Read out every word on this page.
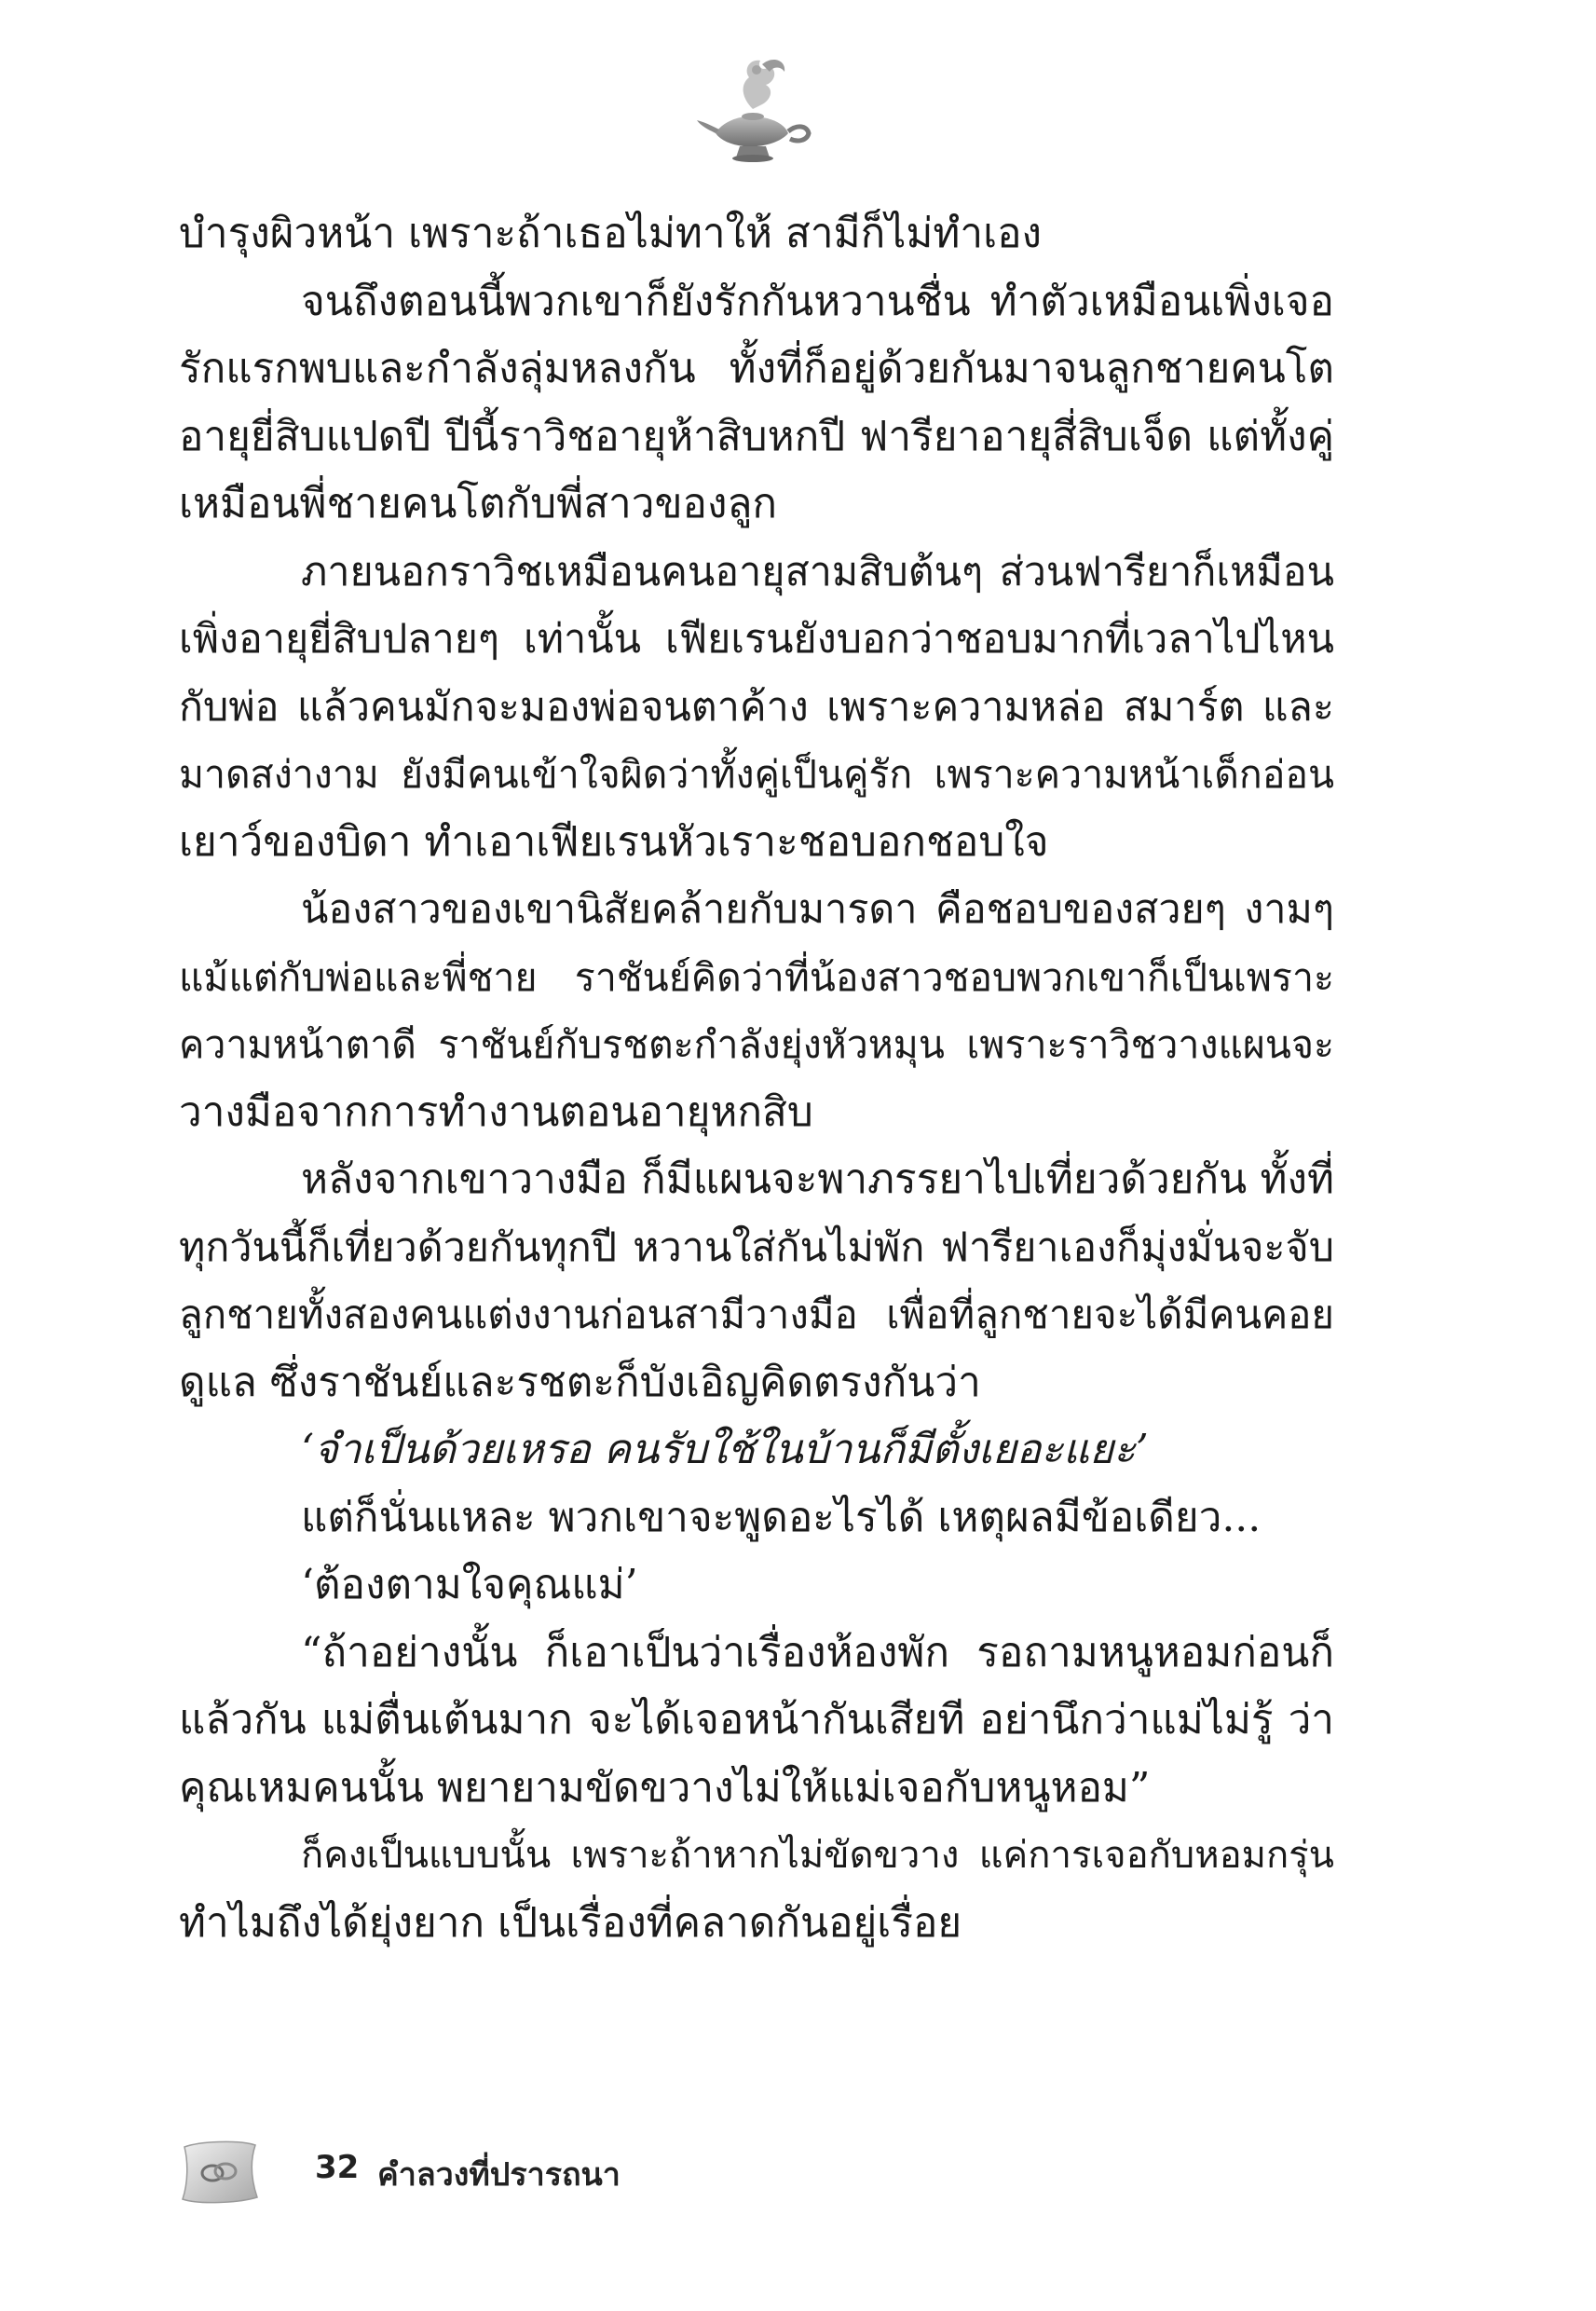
บำรุงผิวหน้า เพราะถ้าเธอไม่ทาให้ สามีก็ไม่ทำเอง
จนถึงตอนนี้พวกเขาก็ยังรักกันหวานชื่น ทำตัวเหมือนเพิ่งเจอ
รักแรกพบและกำลังลุ่มหลงกัน ทั้งที่ก็อยู่ด้วยกันมาจนลูกชายคนโต
อายุยี่สิบแปดปี ปีนี้ราวิชอายุห้าสิบหกปี ฟารียาอายุสี่สิบเจ็ด แต่ทั้งคู่
เหมือนพี่ชายคนโตกับพี่สาวของลูก
ภายนอกราวิชเหมือนคนอายุสามสิบต้นๆ ส่วนฟารียาก็เหมือน
เพิ่งอายุยี่สิบปลายๆ เท่านั้น เฟียเรนยังบอกว่าชอบมากที่เวลาไปไหน
กับพ่อ แล้วคนมักจะมองพ่อจนตาค้าง เพราะความหล่อ สมาร์ต และ
มาดสง่างาม ยังมีคนเข้าใจผิดว่าทั้งคู่เป็นคู่รัก เพราะความหน้าเด็กอ่อน
เยาว์ของบิดา ทำเอาเฟียเรนหัวเราะชอบอกชอบใจ
น้องสาวของเขานิสัยคล้ายกับมารดา คือชอบของสวยๆ งามๆ
แม้แต่กับพ่อและพี่ชาย ราชันย์คิดว่าที่น้องสาวชอบพวกเขาก็เป็นเพราะ
ความหน้าตาดี ราชันย์กับรชตะกำลังยุ่งหัวหมุน เพราะราวิชวางแผนจะ
วางมือจากการทำงานตอนอายุหกสิบ
หลังจากเขาวางมือ ก็มีแผนจะพาภรรยาไปเที่ยวด้วยกัน ทั้งที่
ทุกวันนี้ก็เที่ยวด้วยกันทุกปี หวานใส่กันไม่พัก ฟารียาเองก็มุ่งมั่นจะจับ
ลูกชายทั้งสองคนแต่งงานก่อนสามีวางมือ เพื่อที่ลูกชายจะได้มีคนคอย
ดูแล ซึ่งราชันย์และรชตะก็บังเอิญคิดตรงกันว่า
‘จำเป็นด้วยเหรอ คนรับใช้ในบ้านก็มีตั้งเยอะแยะ’
แต่ก็นั่นแหละ พวกเขาจะพูดอะไรได้ เหตุผลมีข้อเดียว...
‘ต้องตามใจคุณแม่’
“ถ้าอย่างนั้น ก็เอาเป็นว่าเรื่องห้องพัก รอถามหนูหอมก่อนก็
แล้วกัน แม่ตื่นเต้นมาก จะได้เจอหน้ากันเสียที อย่านึกว่าแม่ไม่รู้ ว่า
คุณเหมคนนั้น พยายามขัดขวางไม่ให้แม่เจอกับหนูหอม”
ก็คงเป็นแบบนั้น เพราะถ้าหากไม่ขัดขวาง แค่การเจอกับหอมกรุ่น
ทำไมถึงได้ยุ่งยาก เป็นเรื่องที่คลาดกันอยู่เรื่อย
32 คำลวงที่ปรารถนา
